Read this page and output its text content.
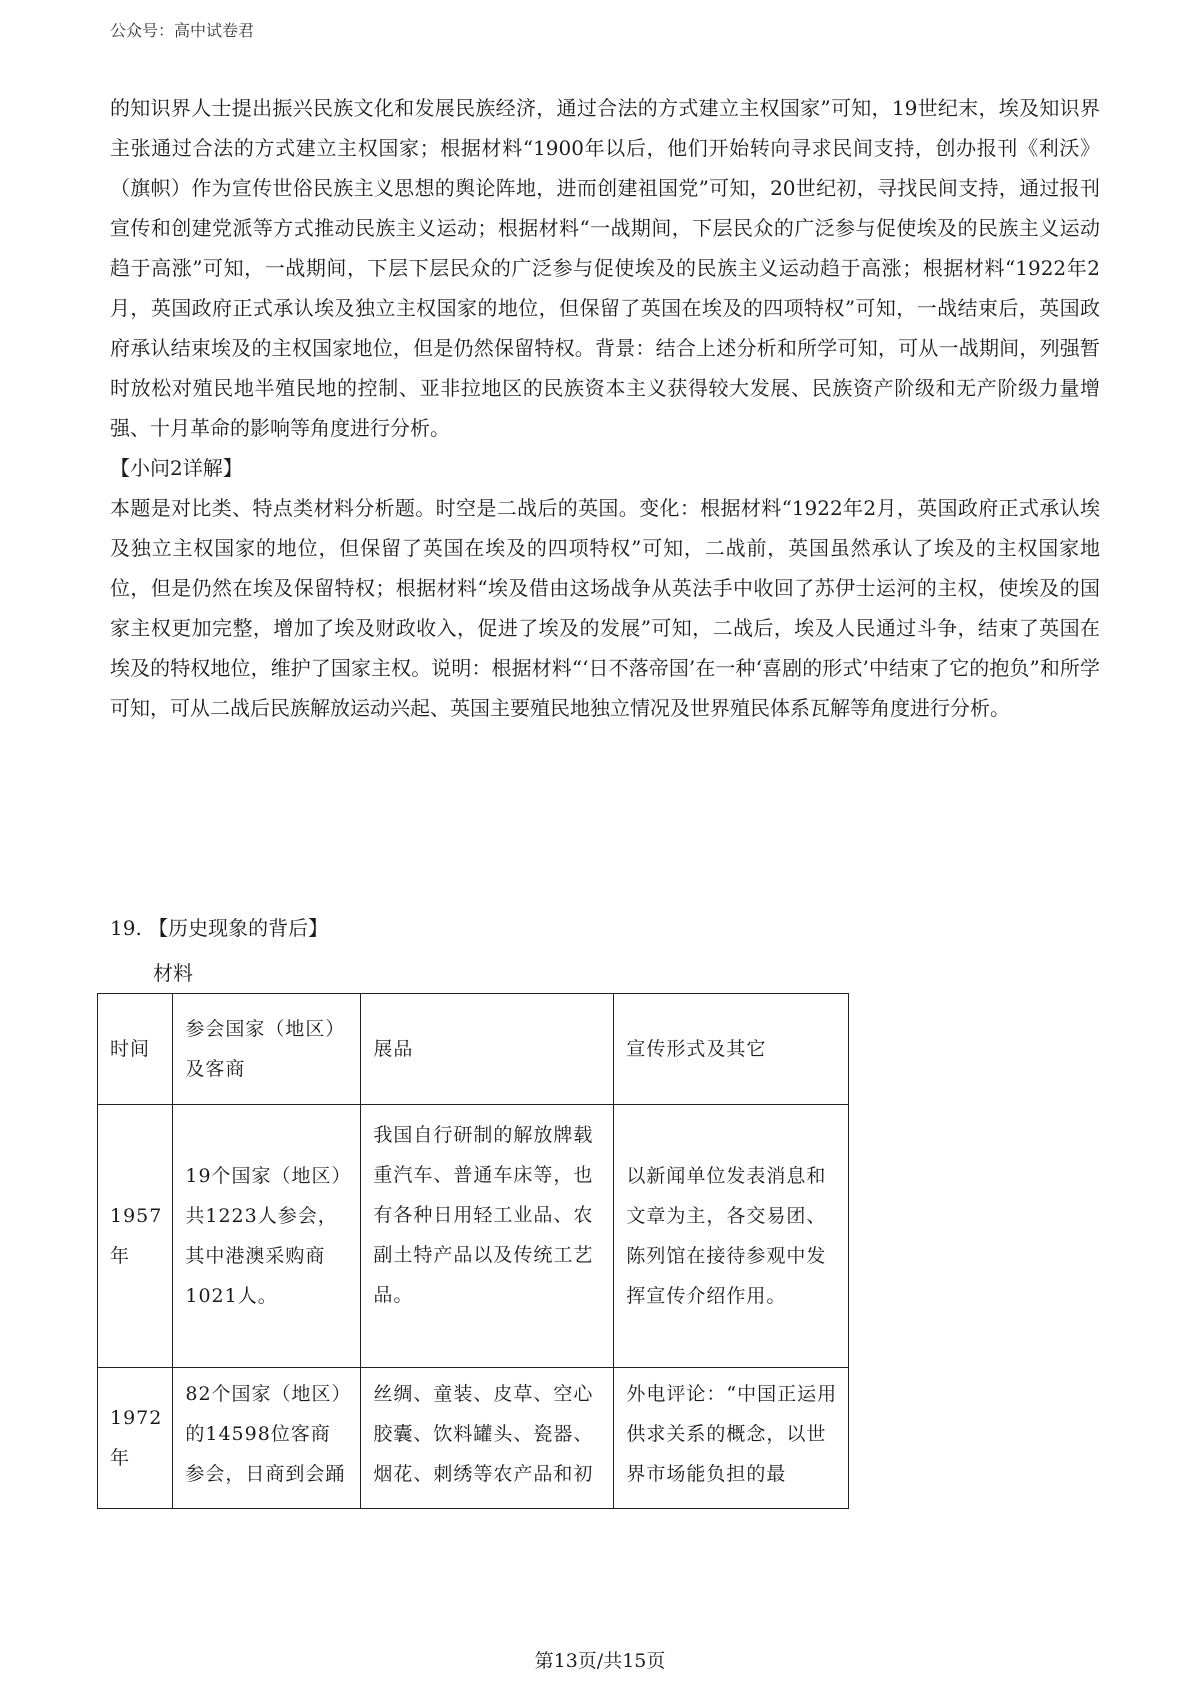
公众号：高中试卷君

的知识界人士提出振兴民族文化和发展民族经济，通过合法的方式建立主权国家”可知，19世纪末，埃及知识界主张通过合法的方式建立主权国家；根据材料“1900年以后，他们开始转向寻求民间支持，创办报刊《利沃》（旗帜）作为宣传世俗民族主义思想的舆论阵地，进而创建祖国党”可知，20世纪初，寻找民间支持，通过报刊宣传和创建党派等方式推动民族主义运动；根据材料“一战期间，下层民众的广泛参与促使埃及的民族主义运动趋于高涨”可知，一战期间，下层下层民众的广泛参与促使埃及的民族主义运动趋于高涨；根据材料“1922年2月，英国政府正式承认埃及独立主权国家的地位，但保留了英国在埃及的四项特权”可知，一战结束后，英国政府承认结束埃及的主权国家地位，但是仍然保留特权。背景：结合上述分析和所学可知，可从一战期间，列强暂时放松对殖民地半殖民地的控制、亚非拉地区的民族资本主义获得较大发展、民族资产阶级和无产阶级力量增强、十月革命的影响等角度进行分析。

【小问2详解】

本题是对比类、特点类材料分析题。时空是二战后的英国。变化：根据材料“1922年2月，英国政府正式承认埃及独立主权国家的地位，但保留了英国在埃及的四项特权”可知，二战前，英国虽然承认了埃及的主权国家地位，但是仍然在埃及保留特权；根据材料“埃及借由这场战争从英法手中收回了苏伊士运河的主权，使埃及的国家主权更加完整，增加了埃及财政收入，促进了埃及的发展”可知，二战后，埃及人民通过斗争，结束了英国在埃及的特权地位，维护了国家主权。说明：根据材料“‘日不落帝国’在一种‘喜剧的形式’中结束了它的抱负”和所学可知，可从二战后民族解放运动兴起、英国主要殖民地独立情况及世界殖民体系瓦解等角度进行分析。

19. 【历史现象的背后】
材料
时间	参会国家（地区）及客商	展品	宣传形式及其它
1957年	19个国家（地区）共1223人参会，其中港澳采购商1021人。	我国自行研制的解放牌载重汽车、普通车床等，也有各种日用轻工业品、农副土特产品以及传统工艺品。	以新闻单位发表消息和文章为主，各交易团、陈列馆在接待参观中发挥宣传介绍作用。
1972年	82个国家（地区）的14598位客商参会，日商到会踊	丝绸、童装、皮草、空心胶囊、饮料罐头、瓷器、烟花、刺绣等农产品和初	外电评论：“中国正运用供求关系的概念，以世界市场能负担的最
第13页/共15页
